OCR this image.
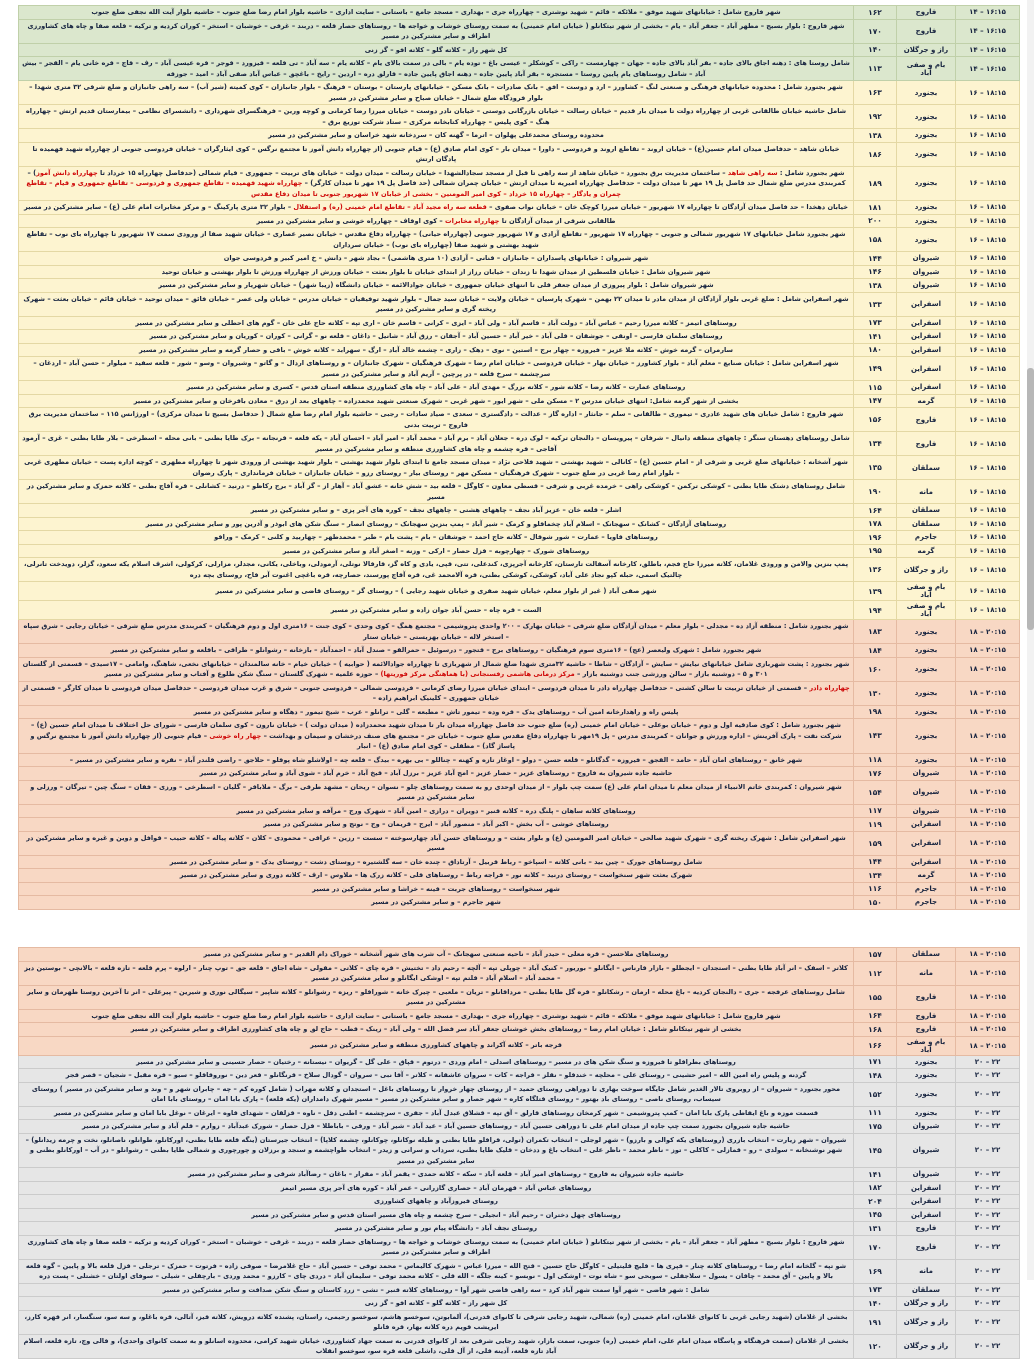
۱۴ – ۱۶:۱۵	فاروج	۱۶۲	شهر فاروج شامل : خیابانهای شهید موفق – ملائکه – قائم – شهید نوشتری – چهارراه جری – بهداری – مسجد جامع – باستانی – سایت اداری – حاشیه بلوار امام رضا ضلع جنوب – حاشیه بلوار آیت الله نجفی ضلع جنوب
۱۴ – ۱۶:۱۵	فاروج	۱۷۰	شهر فاروج : بلوار بسیج – مطهر آباد – جعفر آباد – یام – بخشی از شهر تیتکانلو ( خیابان امام خمینی) به سمت روستای خوشاب و خواجه ها – روستاهای حصار قلعه – دربند – غرقی – خوشبان – استخر – کوران کردیه و ترکیه – قلعه صفا و چاه های کشاورزی اطراف و سایر مشترکین در مسیر
۱۴ – ۱۶:۱۵	راز و جرگلان	۱۴۰	کل شهر راز – کلاته گلو – کلاته افو – گز زنی
۱۴ – ۱۶:۱۵	بام و صفی آباد	۱۱۳	شامل روستا های : دهنه اجاق بالای جاده – بقر آباد بالای جاده – جهان – چهارمست – راکی – کوشکلر – عیسی باغ – توده یام – بالی در سمت بالای یام – کلاته یام – سه آباد – تی قلعه – قیزورد – قوجر – قره عیسی آباد – رف – قاچ – قره خانی یام – القجر – بیش آباد – شامل روستاهای یام پایین روستا – مستجره – بقر آباد پایین جاده – دهنه اجاق پایین جاده – قارلق دره – اردین – رایخ – باغچق – عباس آباد صفی آباد – امید – جوزقه
۱۶ – ۱۸:۱۵	بجنورد	۱۶۳	شهر بجنورد شامل : محدوده خیابانهای فرهنگی و صنعتی لنگ – کشاورز – ارد و دوست – افق – بانک صادرات – بانک مسکن – خیابانهای پارستان – بوستان – فرهنگ – بلوار جانبازان – کوی کمیته (شیر آب) – سه راهی جانبازان و ضلع شرقی ۳۲ متری شهدا – بلوار فرودگاه ضلع شمال – خیابان صباح و سایر مشترکین در مسیر
۱۶ – ۱۸:۱۵	بجنورد	۱۹۲	شامل حاشیه خیابان طالقانی غربی از چهارراه دولت تا میدان بار قدیم – خیابان رسالت – خیابان بازرگانی دوستی – خیابان نادر دوست – خیابان میرزا رضا کرمانی و کوچه ورین – فرهنگسرای شهرداری – دانشسرای نظامی – بیمارستان قدیم ارتش – چهارراه هنگ – کوی پلیس – چهارراه کتابخانه مرکزی – ستاد شرکت توزیع برق –
۱۶ – ۱۸:۱۵	بجنورد	۱۳۸	محدوده روستای محمدعلی پهلوان – اترما – گهنه کان – سردخانه شهد خراسان و سایر مشترکین در مسیر
۱۶ – ۱۸:۱۵	بجنورد	۱۸۶	خیابان شاهد – حدفاصل میدان امام حسین(ع) – خیابان اروند – تقاطع اروند و فردوسی – داورا – میدان بار – کوی امام صادق (ع) – قیام جنوبی (از چهارراه دانش آموز تا مجتمع نرگس – کوی ایثارگران – خیابان فردوسی جنوبی از چهارراه شهید فهمیده تا پادگان ارتش
۱۶ – ۱۸:۱۵	بجنورد	۱۸۹	شهر بجنورد شامل : سه راهی شاهد – ساختمان مدیریت برق بجنورد – خیابان شاهد از سه راهی تا قبل از مسجد سجادالشهدا – خیابان رسالت – میدان دولت – خیابان های تربیت – جمهوری – قیام شمالی (حدفاصل چهارراه ۱۵ خرداد تا چهارراه دانش آموز) – کمربندی مدرس ضلع شمال حد فاصل پل ۱۹ مهر تا میدان دولت – حدفاصل چهارراه امیریه تا میدان ارتش – خیابان چمران شمالی (حد فاصل پل ۱۹ مهر تا میدان کارگر) – چهارراه شهید فهمیده – تقاطع جمهوری و فردوسی – تقاطع جمهوری و قیام – تقاطع چمران و یادگار – چهارراه ۱۵ خرداد – کوی امیر المومنین – بخشی از خیابان ۱۷ شهریور جنوبی تا میدان دفاع مقدس
۱۶ – ۱۸:۱۵	بجنورد	۱۸۱	خیابان دهخدا – حد فاصل میدان آزادگان تا چهارراه ۱۷ شهریور – خیابان میرزا کوچک خان – خیابان نواب صفوی – قطعه سه راه مجید آباد – تقاطع امام خمینی (ره) و استقلال – بلوار ۳۲ متری پارکینگ – و مرکز مخابرات امام علی (ع) – سایر مشترکین در مسیر
۱۶ – ۱۸:۱۵	بجنورد	۲۰۰	طالقانی شرقی از میدان آزادگان تا چهارراه مخابرات – کوی اوقاف – چهارراه خوشی و سایر مشترکین در مسیر
۱۶ – ۱۸:۱۵	بجنورد	۱۵۸	شهر بجنورد شامل خیابانهای ۱۷ شهریور شمالی و جنوبی – چهارراه ۱۷ شهریور – تقاطع آزادی و ۱۷ شهریور جنوبی (چهارراه حیانی) – چهارراه دفاع مقدس – خیابان نصیر عصاری – خیابان شهید صفا از ورودی سمت ۱۷ شهریور تا چهارراه بای نوب – تقاطع شهید بهشتی و شهید صفا (چهارراه بای نوب) – خیابان سرداران
۱۶ – ۱۸:۱۵	شیروان	۱۴۴	شهر شیروان : خیابانهای پاسداران – جانبازان – قنانی – آزادی (۱۰ متری هاشمی) – بجاد شهر – دانش – خ امیر کبیر و فردوسی جوان
۱۶ – ۱۸:۱۵	شیروان	۱۴۶	شهر شیروان شامل : خیابان فلسطین از میدان شهدا تا زندان – خیابان رزاز از ابتدای خیابان تا بلوار بعثت – خیابان ورزش از چهارراه ورزش تا بلوار بهشتی و خیابان توحید
۱۶ – ۱۸:۱۵	شیروان	۱۳۸	شهر شیروان شامل : بلوار پیروزی از میدان جعفر قلی تا انتهای خیابان جمهوری – خیابان جوادالائمه – خیابان دانشگاه (زیبا شهر) – خیابان شهریار و سایر مشترکین در مسیر
۱۶ – ۱۸:۱۵	اسفراین	۱۳۳	شهر اسفراین شامل : ضلع غربی بلوار آزادگان از میدان مادر تا میدان ۲۲ بهمن – شهرک پارسیان – خیابان ولایت – خیابان سید جمال – بلوار شهید توفیقیان – خیابان مدرس – خیابان ولی عصر – خیابان فائق – میدان توحید – خیابان قائم – خیابان بعثت – شهرک ریخته گری و سایر مشترکین در مسیر
۱۶ – ۱۸:۱۵	اسفراین	۱۷۳	روستاهای اتیمز – کلاته میرزا رحیم – عباس آباد – دولت آباد – قاسم آباد – ولی آباد – ایزی – کرانی – قاسم خان – اری تپه – کلاته حاج علی خان – گوم های احطلی و سایر مشترکین در مسیر
۱۶ – ۱۸:۱۵	اسفراین	۱۴۱	روستاهای سلمان فارسی – اونقی – جوشقان – قلی آباد – خیر آباد – حسین آباد – آجقان – رزق آباد – شانیل – داغان – قلعه نو – گرانی – کوران – کوریان و سایر مشترکین در مسیر
۱۶ – ۱۸:۱۵	اسفراین	۱۸۰	سارمران – گرمه خوش – کلاته ملا عزیز – فیروزه – چهار برج – استین – نوی – دهک – زاری – چشمه خالد آباد – ارگ – سهرابد – کلاته خوش – باقی و حصار گرمه و سایر مشترکین در مسیر
۱۶ – ۱۸:۱۵	اسفراین	۱۴۹	شهر اسفراین شامل : خیابان صنایع – معلم آباد – بلوار کشاورز – خیابان بهار – خیابان فردوسی – خیابان امام رضا – شهرک فرهنگیان – شهرک جانبازان – و روستاهای اردال – و گاتو – وشیروان – وسو – شور – قلعه سفید – میلوار – حسن آباد – اردغان – سرچشمه – سرخ قلعه – در پرچین – آریم آباد و سایر مشترکین در مسیر
۱۶ – ۱۸:۱۵	اسفراین	۱۱۵	روستاهای عمارت – کلاته رضا – کلاته شور – کلاته بزرگ – مهدی آباد – علی آباد – چاه های کشاورزی منطقه استان قدس – کسری و سایر مشترکین در مسیر
۱۶ – ۱۸:۱۵	گرمه	۱۴۷	بخشی از شهر گرمه شامل: انتهای خیابان مدرس ۲ – مسکن ملی – شهر ایور – شهر غربی – شهرک صنعتی شهید محمدزاده – چاههای بعد از درق – معادن باقرخان و سایر مشترکین در مسیر
۱۶ – ۱۸:۱۵	فاروج	۱۵۶	شهر فاروج : شامل خیابان های شهید عادری – تیموری – طالقانی – سلم – جانثار – اداره گاز – عدالت – دادگستری – سعدی – صیاد سادات – رجبی – حاشیه بلوار امام رضا ضلع شمال ( حدفاصل بسیج تا میدان مرکزی) – اورژانس ۱۱۵ – ساختمان مدیریت برق فاروج – تربیت بدنی
۱۶ – ۱۸:۱۵	فاروج	۱۳۴	شامل روستاهای دهستان سنگر : چاههای منطقه دانیال – شرفان – پیرویسان – دالنجان ترکیه – لوک دره – جعلان آباد – برم آباد – محمد آباد – امیر آباد – احسان آباد – یکه قلعه – قرنجانه – برک طایا بطنی – بانی محله – اسطرخی – بلار طایا بطنی – غزی – آرمود آقاجی – قره چشمه و چاه های کشاورزی منطقه و سایر مشترکین در مسیر
۱۶ – ۱۸:۱۵	سملقان	۱۳۵	شهر آشخانه : خیابانهای ضلع غربی و شرقی از – امام حسین (ع) – کانالی – شهید بهشتی – شهید فلاحی نژاد – میدان مسجد جامع تا ابتدای بلوار شهید بهشتی – بلوار شهید بهشتی از ورودی شهر تا چهارراه مطهری – کوچه اداره پست – خیابان مطهری غربی – بلوار امام رضا غربی در ضلع جنوب – شهرک فرهنگیان – مسکن مهر – روستای بیار – روستای رزو – خیابان جانبازان – خیابان فرمانداری – پارک رضوان
۱۶ – ۱۸:۱۵	مانه	۱۹۰	شامل روستاهای دشتک طایا بطنی – کوشکی ترکمن – کوشکی راهی – خرمده غربی و شرقی – قسطی معاون – کاوگل – قلعه بید – شش خانه – عشق آباد – آهار از – گز آباد – برج رکاظو – درنید – کشانلی – قره آقاچ بطنی – کلاته حمزک و سایر مشترکین در مسیر
۱۶ – ۱۸:۱۵	سملقان	۱۶۴	اشلر – قلعه خان – عزیز آباد نجف – چاههای هشتی – چاههای نجف – کوره های آجر پزی – و سایر مشترکین در مسیر
۱۶ – ۱۸:۱۵	سملقان	۱۷۸	روستاهای آزادگان – کشانک – سهجانک – اسلام آباد چخماقلو و کرمک – شیر آباد – پمپ بنزین سهجانک – روستای انصار – سنگ شکن های ابوذر و آذرین پور و سایر مشترکین در مسیر
۱۶ – ۱۸:۱۵	جاجرم	۱۹۶	روستاهای قاویا – عمارت – شور شوقال – کلاته حاج احمد – جوشقان – بام – پشت بام – طبر – محمدطهر – چهاربید و کلنی – کرمک – وراقو
۱۶ – ۱۸:۱۵	گرمه	۱۹۵	روستاهای شورک – چهارچوبه – قزل حصار – ارکی – وزنه – اصغر آباد و سایر مشترکین در مسیر
۱۶ – ۱۸:۱۵	راز و جرگلان	۱۳۶	پمپ بنزین والامن و ورودی غلامان، کلاته میرزا حاج فجم، باطلق، کارخانه آسفالت تارستان، کارخانه آجرپزی، کندعلی، تتی، قپی، یادی و کاه گز، قارقالا نوتلی، آرمودلی، وباخلی، یکانی، مجدلر، مزارلی، کرکولی، اشرف اسلام یکه سعود، گزلر، دویدخت تانرلی، چالتیک اسمی، حبله کپو نجاد علی آباد، کوشکی، کوشکی بطنی، قره آلامحمد غی، قره آقاچ پورسند، حصارچه، قره باغچی اغنوت آبر قاح، روستای بچه دره
۱۶ – ۱۸:۱۵	بام و صفی آباد	۱۳۹	شهر صفی آباد ( غیر از بلوار معلم، خیابان شهید صفری و خیابان شهید رجایی ) – روستای گز – روستای قاضی و سایر مشترکین در مسیر
۱۶ – ۱۸:۱۵	بام و صفی آباد	۱۹۴	الست – قره چاه – حسن آباد جوان زاده و سایر مشترکین در مسیر
۱۸ – ۲۰:۱۵	بجنورد	۱۸۳	شهر بجنورد شامل : منطقه آزاد ده – مجدلی – بلوار معلم – میدان آزادگان ضلع شرقی – خیابان بهارک – ۲۰۰ واحدی پتروشیمی – مجتمع همگ – کوی وحدی – کوی جنت – ۱۶متری اول و دوم فرهنگیان – کمربندی مدرس ضلع شرقی – خیابان رجایی – شرق سپاه – استخر لاله – خیابان بهزیستی – خیابان ستار
۱۸ – ۲۰:۱۵	بجنورد	۱۸۴	شهر بجنورد شامل : شهرک ولیعصر (عج) – ۱۶متری سوم فرهنگیان – روستاهای برج – قتجور – درسوئیل – حمرالقو – صندل آباد – احمدآباد – بازخانه – رشوانلو – طراقی – باقلعه و سایر مشترکین در مسیر
۱۸ – ۲۰:۱۵	بجنورد	۱۶۰	شهر بجنورد : پشت شهربازی شامل خیابانهای نیایش – سایش – آزادگان – شاطا – حاشیه ۳۲متری شهدا ضلع شمال از شهربازی تا چهارراه جوادالائمه ( حوابیه ) – خیابان خیام – خانه سالمندان – خیابانهای نخعی، شاهنگ، وامامی – ۱۷سیدی – قسمتی از گلستان ۳۰۱ و ۵ – دوشنبه بازار – سالن ورزشی جنب دوشنبه بازار – مرکز درمانی هاشمی رفسنجانی (با هماهنگی مرکز فوریتها) – حوزه علمیه – شهرک گلستان – سنگ شکن طلوع و آفتاب و سایر مشترکین در مسیر
۱۸ – ۲۰:۱۵	بجنورد	۱۳۰	چهارراه دادر – قسمتی از خیابان تربیت تا سالن کشتی – حدفاصل چهارراه دادر تا میدان فردوسی – ابتدای خیابان میرزا رضای کرمانی – فردوسی شمالی – فردوسی جنوبی – شرق و غرب میدان فردوسی – حدفاصل میدان فردوسی تا میدان کارگر – قسمتی از خیابان جمهوری – کلینیک ابراهیم زاده –
۱۸ – ۲۰:۱۵	بجنورد	۱۹۸	پلیس راه و راهدارخانه امین آب – روستاهای یدک – قره وده – تیمور تاش – مطبعه – گلی – ترانلو – عرب – شیخ تیمور – دهگاه و سایر مشترکین در مسیر
۱۸ – ۲۰:۱۵	بجنورد	۱۴۳	شهر بجنورد شامل : کوی صادقیه اول و دوم – خیابان بوعلی – خیابان امام خمینی (ره) ضلع جنوب حد فاصل چهارراه میدان بار تا میدان شهید محمدزاده ( میدان دولت ) – خیابان نارون – کوی سلمان فارسی – شورای حل اختلاف تا میدان امام حسین (ع) – شرکت نفت – پارک آفرینش – اداره ورزش و جوانان – کمربندی مدرس – پل ۱۹مهر تا چهارراه دفاع مقدس ضلع جنوب – خیابان حر – مجتمع های صنف درخشان و سیمان و بهداشت – چهار راه خوشی – قیام جنوبی (از چهارراه دانش آموز تا مجتمع نرگس و پاساژ گاد) – مطقلی – کوی امام صادق (ع) – انبار
۱۸ – ۲۰:۱۵	بجنورد	۱۱۸	شهر خانق – روستاهای امان آباد – حامد – القجق – فیروزه – گدگانلو – قلعه حسن – دولو – اوغاز تازه و کهنه – چناللو – بی بهره – بیدگ – قلعه چه – اولاشلو شاه پوقلو – حلاجق – راضی قلندر آباد – نقره و سایر مشترکین در مسیر –
۱۸ – ۲۰:۱۵	شیروان	۱۷۶	حاشیه جاده شیروان به فاروج – روستاهای عزیز – حصار عزیز – امج آباد عزیز – برزل آباد – قیخ آباد – خرم آباد – شوی آباد و سایر مشترکین در مسیر
۱۸ – ۲۰:۱۵	شیروان	۱۵۴	شهر شیروان : کمربندی خاتم الانبیاء از میدان معلم تا میدان امام علی (ع) سمت چپ بلوار – از میدان اوحدی رو به سمت روستاهای چلو – نسوان – ریحان – مشهد طرقی – برگ – ملاباقر – گلیان – اسطرخی – ورزی – فقان – سنگ چین – تیرگان – ورزلی و سایر مشترکین در مسیر
۱۸ – ۲۰:۱۵	شیروان	۱۱۷	روستاهای کلاته ساهان – پلنگ دره – کلاته قنبر – دویران – درازی – امین آباد – شهرک ورج – مرآفه و سایر مشترکین در مسیر
۱۸ – ۲۰:۱۵	اسفراین	۱۱۹	روستاهای خوشی – آب بخش – اکبر آباد – منصور آباد – ایرج – قریمان – وج – نوتج و سایر مشترکین در مسیر
۱۸ – ۲۰:۱۵	اسفراین	۱۵۹	شهر اسفراین شامل : شهرک ریخته گری – شهرک شهید صالحی – خیابان امیر المومنین (ع) و بلوار بعثت – و روستاهای حسن آباد چهارسوخته – سست – رزین – عراقی – محمودی – کلان – کلاته پیاله – کلاته حبیب – قوافل و دوین و غیره و سایر مشترکین در مسیر
۱۸ – ۲۰:۱۵	اسفراین	۱۴۴	شامل روستاهای جورک – چین بید – بانی کلاته – اسپاخو – رباط قربیل – آرتاداق – چنده خان – سه گلشتیره – روستای دشت – روستای یدک – و سایر مشترکین در مسیر
۱۸ – ۲۰:۱۵	گرمه	۱۳۴	شهرک بعثت شهر سنخواست – روستای درنید – کلاته نور – فراجه رباط – روستاهای قلی – کلاته زرک ها – ملاوس – ارف – کلاته دوری و سایر مشترکین در مسیر
۱۸ – ۲۰:۱۵	جاجرم	۱۱۶	شهر سنخواست – روستاهای جربت – قینه – خراشا و سایر مشترکین در مسیر
۱۸ – ۲۰:۱۵	جاجرم	۱۵۰	شهر جاجرم – و سایر مشترکین در مسیر
۱۸ – ۲۰:۱۵	سملقان	۱۵۷	روستاهای ملاحسن – قره معلی – حیدر آباد – ناحیه صنعتی سهجانک – آب شرب های شهر آشخانه – خوراک دام القدیر – و سایر مشترکین در مسیر
۱۸ – ۲۰:۱۵	مانه	۱۱۲	کلاتر – اسفک – انر آباد طایا بطنی – استجدان – ایجطلو – بازار قارناس – ایگانلو – بوریور – کنیک آباد – چوپلی تپه – آلچه – رحیم داد – تختیش – قره چای – کلاتی – مقولی – شاه اجاق – قلعه جق – توپ چنار – ارلوه – پرم قلعه – تازه قلعه – بالانچی – بوستین دیز – محمد آباد – اسلام آباد – قلتم تپه – اوشکی ایگانلو و سایر مشترکین در مسیر
۱۸ – ۲۰:۱۵	فاروج	۱۵۵	شامل روستاهای عرفجه – جری – دالنجان کردیه – باغ محله – ارمان – رشکانلو – قره گل طایا بطنی – مرداقانلو – تریان – ملعبی – چیرک خانه – شوراقلو – ریزه – رشوانلو – کلاته شاپیر – سیگالی نوری و شیرین – پیرعلی – انر تا آخرین روستا طهرمان و سایر مشترکین در مسیر
۱۸ – ۲۰:۱۵	فاروج	۱۶۴	شهر فاروج شامل : خیابانهای شهید موفق – ملائکه – قائم – شهید نوشتری – چهارراه جری – بهداری – مسجد جامع – باستانی – سایت اداری – حاشیه بلوار امام رضا ضلع جنوب – حاشیه بلوار آیت الله نجفی ضلع جنوب
۱۸ – ۲۰:۱۵	فاروج	۱۶۸	بخشی از شهر تیتکانلو شامل : خیابان امام رضا – روستاهای بخش خوشنان جعفر آباد سر فضل الله – ولی آباد – زینک – قطب – حاج لق و چاه های کشاورزی اطراف و سایر مشترکین در مسیر
۱۸ – ۲۰:۱۵	بام و صفی آباد	۱۶۶	قرجه باتر – کلاته آکراند و چاههای کشاورزی منطقه و سایر مشترکین در مسیر
۲۰ – ۲۲	بجنورد	۱۷۱	روستاهای بطراقلو تا فیروزه و سنگ شکن های در مسیر – روستاهای اسدلی – امام وردی – درتوم – قپاق – علی گل – گریوان – نیستانه – رختیان – حصار حسینی و سایر مشترکین در مسیر
۲۰ – ۲۲	بجنورد	۱۴۸	گردنه و پلیس راه امین الله – امیر حشینی – روستای علی – محلچه – خندقلو – نقلز – قراجه – کات – سروان عاشقانه – کلاتر – آقا نبی – سروان – گودال سلاخ – قرنگانلو – قعر دین – نوروقاقلو – سیو – قره مقبل – شجیان – قصر قجر
۲۰ – ۲۲	بجنورد	۱۵۲	محور بجنورد – شیروان – از روبروی تالار الغدیر شامل جایگاه سوخت بهاری تا دوراهی روستای حمید – از روستای چهار خروار تا روستاهای باغل – استجدان و کلاته مهراب ( شامل کوره کم – چه – چابران شهر و – وند و سایر مشترکین در مسیر ) روستای سیساب، روستای ناصی – روستای باد بهتور – روستای قتلگاه کاره – شهر حصار و سایر مشترکین در مسیر – مسیر شهرک دامداران (یکه قلعه) – پارک بابا امان – روستای بابا امان
۲۰ – ۲۲	بجنورد	۱۱۱	قسمت موزه و باغ ایفاطی پارک بابا امان – کمپ پتروشیمی – شهر کرمخان روستاهای قارلق – آق تپه – قشلاق عبدل آباد – جفری – سرچشمه – اطنی دقل – ناوه – قزلقان – شهدای قاوه – ایرغان – نوغل بابا امان و سایر مشترکین در مسیر
۲۰ – ۲۲	شیروان	۱۷۵	حاشیه جاده شیروان بجنورد سمت چپ جاده از میدان امام علی تا دوراهی حسین آباد – روستاهای حسین آباد – عید آباد – شیر آباد – ورقی – باباطلا – قزل حصار – شورک عبدآباد – زوارم – قلم آباد و سایر مشترکین در مسیر
۲۰ – ۲۲	شیروان	۱۴۵	شیروان – شهر زیارت – انتخاب بازری (روستاهای یکه کوالی و بارزو) – شهر لوجلی – انتخاب تکمران (تولی، قراقلو طایا بطنی و طیله نوکانلو، چوکانلو، چشمه کلاپا) – انتخاب جیرستان (ینگه قلعه طایا بطنی، اورکانلو، طوانلو، ناصانلو، نخت و چرمه زیدانلو) – شهر نوشنخانه – سولدی – رو – قمازلی – کاکلی – توز – ناظر محمد – ناظر علی – انتخاب باغ و ددخان – قلیک طایا بطنی، سرداب و سرانی و زیدر – انتخاب طواچشمه و سنجد و برزلان و چورچوری و شمالی طایا بطنی – رشوانلو – در آب – اورکانلو بطنی و سایر مشترکین در مسیر
۲۰ – ۲۲	شیروان	۱۴۱	حاشیه جاده شیروان به فاروج – روستاهای امیر آباد – قلعه آباد – سکه – کلاته حمدی – یقمر آباد – مفرار – باغان – رضاآباد شرقی و سایر مشترکین در مسیر
۲۰ – ۲۲	اسفراین	۱۸۲	روستاهای عباس آباد – قهرمان آباد – حصاری گازرانی – عمر آباد – کوره های آجر پزی مسیر اتیمز
۲۰ – ۲۲	اسفراین	۲۰۴	روستای فیروزآباد و چاههای کشاورزی
۲۰ – ۲۲	اسفراین	۱۴۵	روستاهای چهل دختران – رحیم آباد – انجیلی – سرخ چشمه و چاه های مسیر استان قدس و سایر مشترکین در مسیر
۲۰ – ۲۲	فاروج	۱۳۱	روستای نجف آباد – دانشگاه پیام نور و سایر مشترکین در مسیر
۲۰ – ۲۲	فاروج	۱۷۰	شهر فاروج : بلوار بسیج – مطهر آباد – جعفر آباد – یام – بخشی از شهر تیتکانلو ( خیابان امام خمینی) به سمت روستای خوشاب و خواجه ها – روستاهای حصار قلعه – دربند – غرقی – خوشبان – استخر – کوران کردیه و ترکیه – قلعه صفا و چاه های کشاورزی اطراف و سایر مشترکین در مسیر
۲۰ – ۲۲	مانه	۱۶۹	شو تپه – گلخانه امام رضا – روستاهای کلاته چنار – قپری ها – قلیچ قلیتیلی – کاوگل حاج حسین – قتح الله – میرزا عباس – شهرک کالیماس – محمد توفی – حسین آباد – حاج غلامرضا – صوفی زاده – فرتوت – حمزک – ترجلی – قزل قلعه بالا و پایین – گوه قلعه بالا و پایین – آق محمد – چاقان – یسول – سلاجقلی – سوبحی سو – شاه نوت – اوشکی اول – نوبسو – کینه جلگه – الله قلی – کلاته محمد توفی – سلیمان آباد – دردی چای – کارزو – محمد وردی – بارچقلی – شیلی – سوفای اولتان – خشتلی – پست دره
۲۰ – ۲۲	سملقان	۱۷۳	شامل : شهر قاضی – شهر آوا سمت شهر آباد کرد – سه راهی قاضی شهر آوا – روستاهای کلاته قنبر – تشی – زرد کاستان و سنگ شکن صداقت و سایر مشترکین در مسیر
۲۰ – ۲۲	راز و جرگلان	۱۴۰	کل شهر راز – کلاته گلو – کلاته افو – گز زنی
۲۰ – ۲۲	راز و جرگلان	۱۹۱	بخشی از غلامان (شهید رجایی غربی تا کانوای غلامان، امام خمینی (ره) شمالی، شهید رجایی شرقی تا کانوای قدرتی)، آلمابوتن، سوخسو هاشم، سوخسو رحیمی، راستان، پشنده کلاته درویش، کلاته قیز، آتالی، قره باغلو، و سه سو، سنگسار، انر قهره کارز، ایریشب قویم دره کلاته بهار، قره قانلو
۲۰ – ۲۲	راز و جرگلان	۱۲۰	بخشی از غلامان (سمت فرهنگاه و پاسگاه میدان امام علی، امام خمینی (ره) جنوبی، سمت بازار، شهید رجایی شرقی بعد از کانوای قدرتی به سمت جهاد کشاورزی، خیابان شهید کرامی، محدوده اسانلو و به سمت کانوای واحدی)، و قالی وچ، تازه قلعه، اسلام آباد تازه قلعه، آدینه قلی، از آل قلی، داشلی قلعه قره سو، سوخسو انقلاب
